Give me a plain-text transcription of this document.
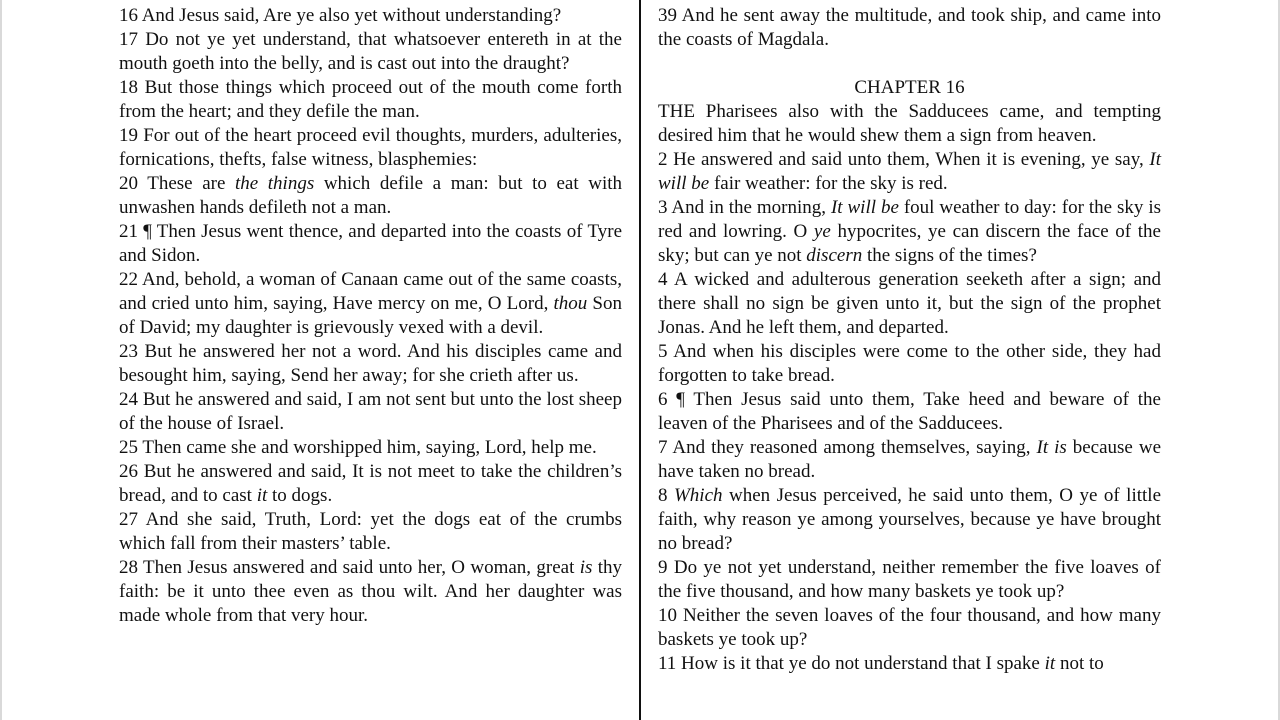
16 And Jesus said, Are ye also yet without understanding?

17 Do not ye yet understand, that whatsoever entereth in at the mouth goeth into the belly, and is cast out into the draught?

18 But those things which proceed out of the mouth come forth from the heart; and they defile the man.

19 For out of the heart proceed evil thoughts, murders, adulteries, fornications, thefts, false witness, blasphemies:

20 These are the things which defile a man: but to eat with unwashen hands defileth not a man.

21 ¶ Then Jesus went thence, and departed into the coasts of Tyre and Sidon.

22 And, behold, a woman of Canaan came out of the same coasts, and cried unto him, saying, Have mercy on me, O Lord, thou Son of David; my daughter is grievously vexed with a devil.

23 But he answered her not a word. And his disciples came and besought him, saying, Send her away; for she crieth after us.

24 But he answered and said, I am not sent but unto the lost sheep of the house of Israel.

25 Then came she and worshipped him, saying, Lord, help me.

26 But he answered and said, It is not meet to take the children’s bread, and to cast it to dogs.

27 And she said, Truth, Lord: yet the dogs eat of the crumbs which fall from their masters’ table.

28 Then Jesus answered and said unto her, O woman, great is thy faith: be it unto thee even as thou wilt. And her daughter was made whole from that very hour.

39 And he sent away the multitude, and took ship, and came into the coasts of Magdala.

CHAPTER 16

THE Pharisees also with the Sadducees came, and tempting desired him that he would shew them a sign from heaven.

2 He answered and said unto them, When it is evening, ye say, It will be fair weather: for the sky is red.

3 And in the morning, It will be foul weather to day: for the sky is red and lowring. O ye hypocrites, ye can discern the face of the sky; but can ye not discern the signs of the times?

4 A wicked and adulterous generation seeketh after a sign; and there shall no sign be given unto it, but the sign of the prophet Jonas. And he left them, and departed.

5 And when his disciples were come to the other side, they had forgotten to take bread.

6 ¶ Then Jesus said unto them, Take heed and beware of the leaven of the Pharisees and of the Sadducees.

7 And they reasoned among themselves, saying, It is because we have taken no bread.

8 Which when Jesus perceived, he said unto them, O ye of little faith, why reason ye among yourselves, because ye have brought no bread?

9 Do ye not yet understand, neither remember the five loaves of the five thousand, and how many baskets ye took up?

10 Neither the seven loaves of the four thousand, and how many baskets ye took up?

11 How is it that ye do not understand that I spake it not to
